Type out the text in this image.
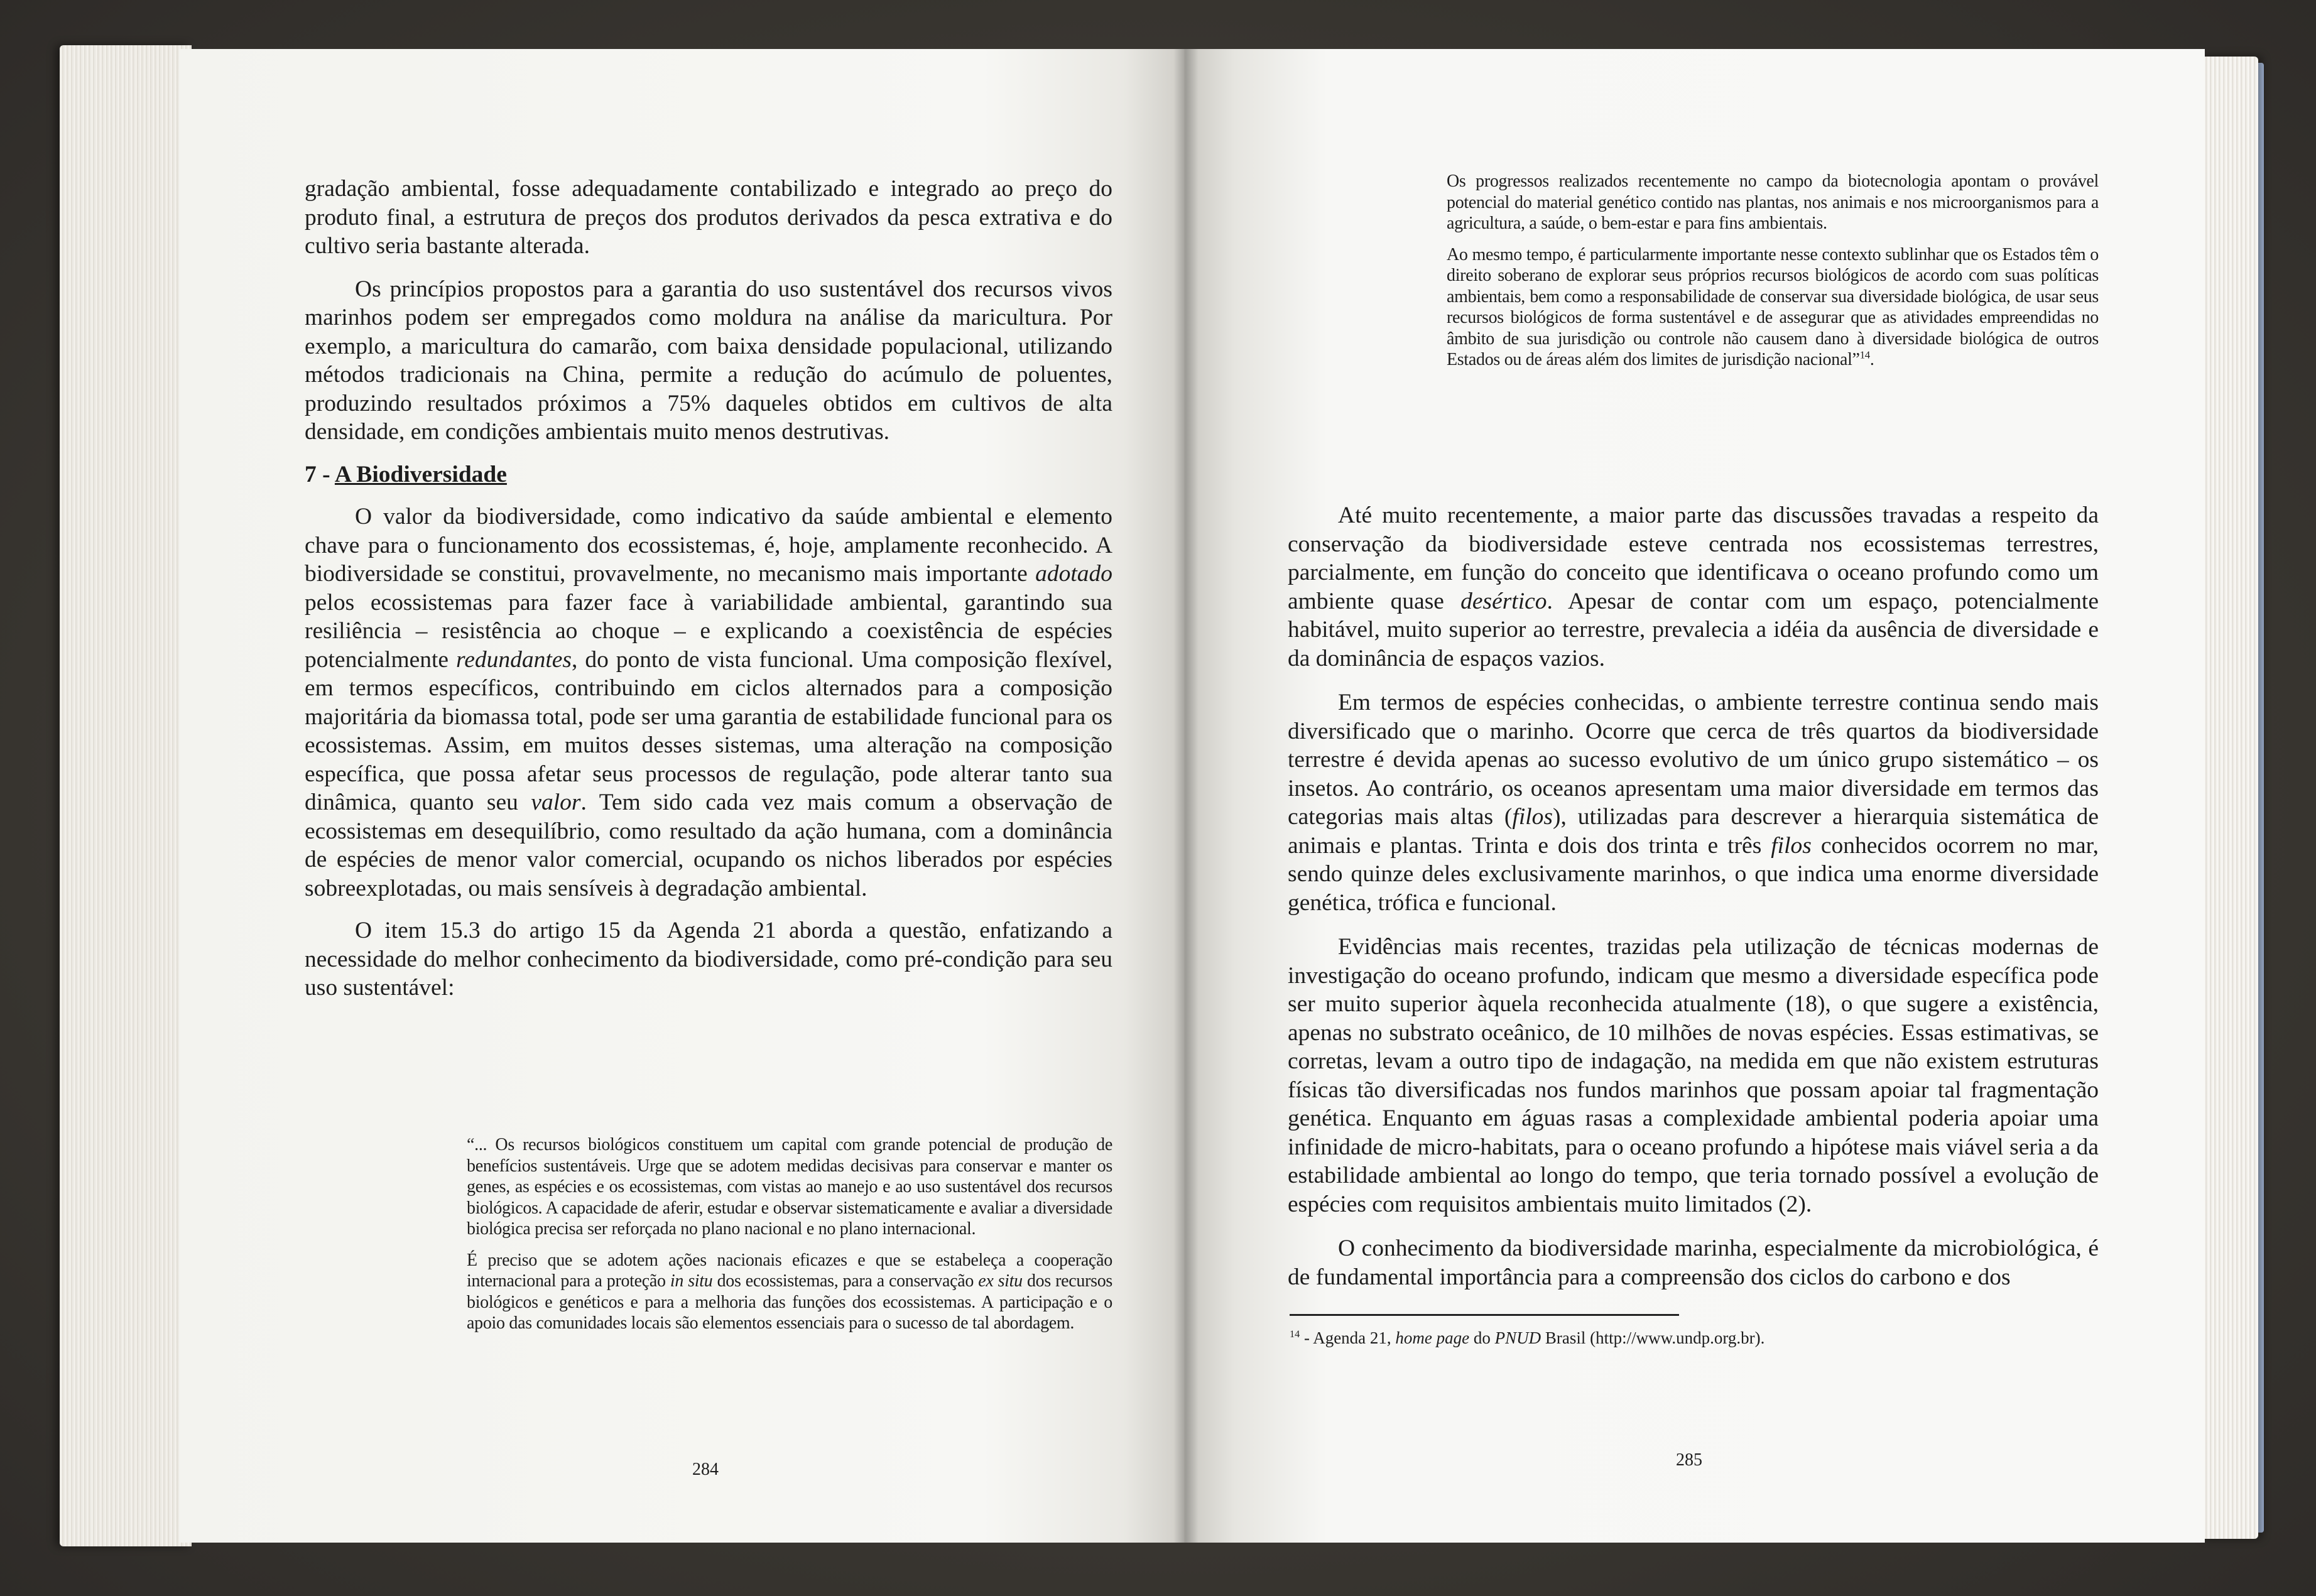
gradação ambiental, fosse adequadamente contabilizado e integrado ao preço do produto final, a estrutura de preços dos produtos derivados da pesca extrativa e do cultivo seria bastante alterada.

Os princípios propostos para a garantia do uso sustentável dos recursos vivos marinhos podem ser empregados como moldura na análise da maricultura. Por exemplo, a maricultura do camarão, com baixa densidade populacional, utilizando métodos tradicionais na China, permite a redução do acúmulo de poluentes, produzindo resultados próximos a 75% daqueles obtidos em cultivos de alta densidade, em condições ambientais muito menos destrutivas.

7 - A Biodiversidade

O valor da biodiversidade, como indicativo da saúde ambiental e elemento chave para o funcionamento dos ecossistemas, é, hoje, amplamente reconhecido. A biodiversidade se constitui, provavelmente, no mecanismo mais importante adotado pelos ecossistemas para fazer face à variabilidade ambiental, garantindo sua resiliência – resistência ao choque – e explicando a coexistência de espécies potencialmente redundantes, do ponto de vista funcional. Uma composição flexível, em termos específicos, contribuindo em ciclos alternados para a composição majoritária da biomassa total, pode ser uma garantia de estabilidade funcional para os ecossistemas. Assim, em muitos desses sistemas, uma alteração na composição específica, que possa afetar seus processos de regulação, pode alterar tanto sua dinâmica, quanto seu valor. Tem sido cada vez mais comum a observação de ecossistemas em desequilíbrio, como resultado da ação humana, com a dominância de espécies de menor valor comercial, ocupando os nichos liberados por espécies sobreexplotadas, ou mais sensíveis à degradação ambiental.

O item 15.3 do artigo 15 da Agenda 21 aborda a questão, enfatizando a necessidade do melhor conhecimento da biodiversidade, como pré-condição para seu uso sustentável:

“... Os recursos biológicos constituem um capital com grande potencial de produção de benefícios sustentáveis. Urge que se adotem medidas decisivas para conservar e manter os genes, as espécies e os ecossistemas, com vistas ao manejo e ao uso sustentável dos recursos biológicos. A capacidade de aferir, estudar e observar sistematicamente e avaliar a diversidade biológica precisa ser reforçada no plano nacional e no plano internacional.

É preciso que se adotem ações nacionais eficazes e que se estabeleça a cooperação internacional para a proteção in situ dos ecossistemas, para a conservação ex situ dos recursos biológicos e genéticos e para a melhoria das funções dos ecossistemas. A participação e o apoio das comunidades locais são elementos essenciais para o sucesso de tal abordagem.

284

Os progressos realizados recentemente no campo da biotecnologia apontam o provável potencial do material genético contido nas plantas, nos animais e nos microorganismos para a agricultura, a saúde, o bem-estar e para fins ambientais.

Ao mesmo tempo, é particularmente importante nesse contexto sublinhar que os Estados têm o direito soberano de explorar seus próprios recursos biológicos de acordo com suas políticas ambientais, bem como a responsabilidade de conservar sua diversidade biológica, de usar seus recursos biológicos de forma sustentável e de assegurar que as atividades empreendidas no âmbito de sua jurisdição ou controle não causem dano à diversidade biológica de outros Estados ou de áreas além dos limites de jurisdição nacional”$^{14}$.

Até muito recentemente, a maior parte das discussões travadas a respeito da conservação da biodiversidade esteve centrada nos ecossistemas terrestres, parcialmente, em função do conceito que identificava o oceano profundo como um ambiente quase desértico. Apesar de contar com um espaço, potencialmente habitável, muito superior ao terrestre, prevalecia a idéia da ausência de diversidade e da dominância de espaços vazios.

Em termos de espécies conhecidas, o ambiente terrestre continua sendo mais diversificado que o marinho. Ocorre que cerca de três quartos da biodiversidade terrestre é devida apenas ao sucesso evolutivo de um único grupo sistemático – os insetos. Ao contrário, os oceanos apresentam uma maior diversidade em termos das categorias mais altas (filos), utilizadas para descrever a hierarquia sistemática de animais e plantas. Trinta e dois dos trinta e três filos conhecidos ocorrem no mar, sendo quinze deles exclusivamente marinhos, o que indica uma enorme diversidade genética, trófica e funcional.

Evidências mais recentes, trazidas pela utilização de técnicas modernas de investigação do oceano profundo, indicam que mesmo a diversidade específica pode ser muito superior àquela reconhecida atualmente (18), o que sugere a existência, apenas no substrato oceânico, de 10 milhões de novas espécies. Essas estimativas, se corretas, levam a outro tipo de indagação, na medida em que não existem estruturas físicas tão diversificadas nos fundos marinhos que possam apoiar tal fragmentação genética. Enquanto em águas rasas a complexidade ambiental poderia apoiar uma infinidade de micro-habitats, para o oceano profundo a hipótese mais viável seria a da estabilidade ambiental ao longo do tempo, que teria tornado possível a evolução de espécies com requisitos ambientais muito limitados (2).

O conhecimento da biodiversidade marinha, especialmente da microbiológica, é de fundamental importância para a compreensão dos ciclos do carbono e dos

$^{14}$ - Agenda 21, home page do PNUD Brasil (http://www.undp.org.br).
285
